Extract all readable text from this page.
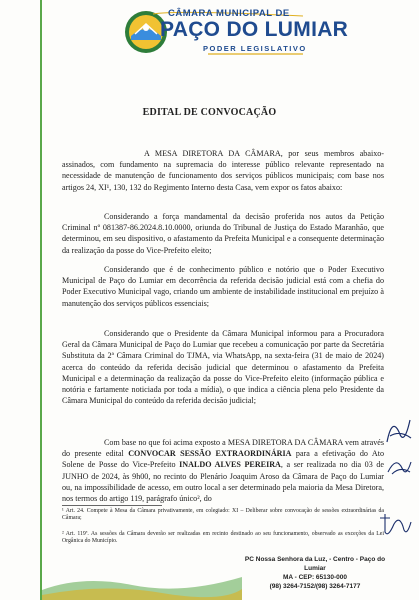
CÂMARA MUNICIPAL DE
PAÇO DO LUMIAR
PODER LEGISLATIVO
EDITAL DE CONVOCAÇÃO

A MESA DIRETORA DA CÂMARA, por seus membros abaixo-assinados, com fundamento na supremacia do interesse público relevante representado na necessidade de manutenção de funcionamento dos serviços públicos municipais; com base nos artigos 24, XI¹, 130, 132 do Regimento Interno desta Casa, vem expor os fatos abaixo:

Considerando a força mandamental da decisão proferida nos autos da Petição Criminal nº 081387-86.2024.8.10.0000, oriunda do Tribunal de Justiça do Estado Maranhão, que determinou, em seu dispositivo, o afastamento da Prefeita Municipal e a consequente determinação da realização da posse do Vice-Prefeito eleito;

Considerando que é de conhecimento público e notório que o Poder Executivo Municipal de Paço do Lumiar em decorrência da referida decisão judicial está com a chefia do Poder Executivo Municipal vago, criando um ambiente de instabilidade institucional em prejuízo à manutenção dos serviços públicos essenciais;

Considerando que o Presidente da Câmara Municipal informou para a Procuradora Geral da Câmara Municipal de Paço do Lumiar que recebeu a comunicação por parte da Secretária Substituta da 2ª Câmara Criminal do TJMA, via WhatsApp, na sexta-feira (31 de maio de 2024) acerca do conteúdo da referida decisão judicial que determinou o afastamento da Prefeita Municipal e a determinação da realização da posse do Vice-Prefeito eleito (informação pública e notória e fartamente noticiada por toda a mídia), o que indica a ciência plena pelo Presidente da Câmara Municipal do conteúdo da referida decisão judicial;

Com base no que foi acima exposto a MESA DIRETORA DA CÂMARA vem através do presente edital CONVOCAR SESSÃO EXTRAORDINÁRIA para a efetivação do Ato Solene de Posse do Vice-Prefeito INALDO ALVES PEREIRA, a ser realizada no dia 03 de JUNHO de 2024, às 9h00, no recinto do Plenário Joaquim Aroso da Câmara de Paço do Lumiar ou, na impossibilidade de acesso, em outro local a ser determinado pela maioria da Mesa Diretora, nos termos do artigo 119, parágrafo único², do

¹ Art. 24. Compete à Mesa da Câmara privativamente, em colegiado: XI – Deliberar sobre convocação de sessões extraordinárias da Câmara;
² Art. 119ª. As sessões da Câmara deverão ser realizadas em recinto destinado ao seu funcionamento, observado as exceções da Lei Orgânica do Município.
PC Nossa Senhora da Luz, - Centro - Paço do Lumiar
MA - CEP: 65130-000
(98) 3264-7152/(98) 3264-7177
